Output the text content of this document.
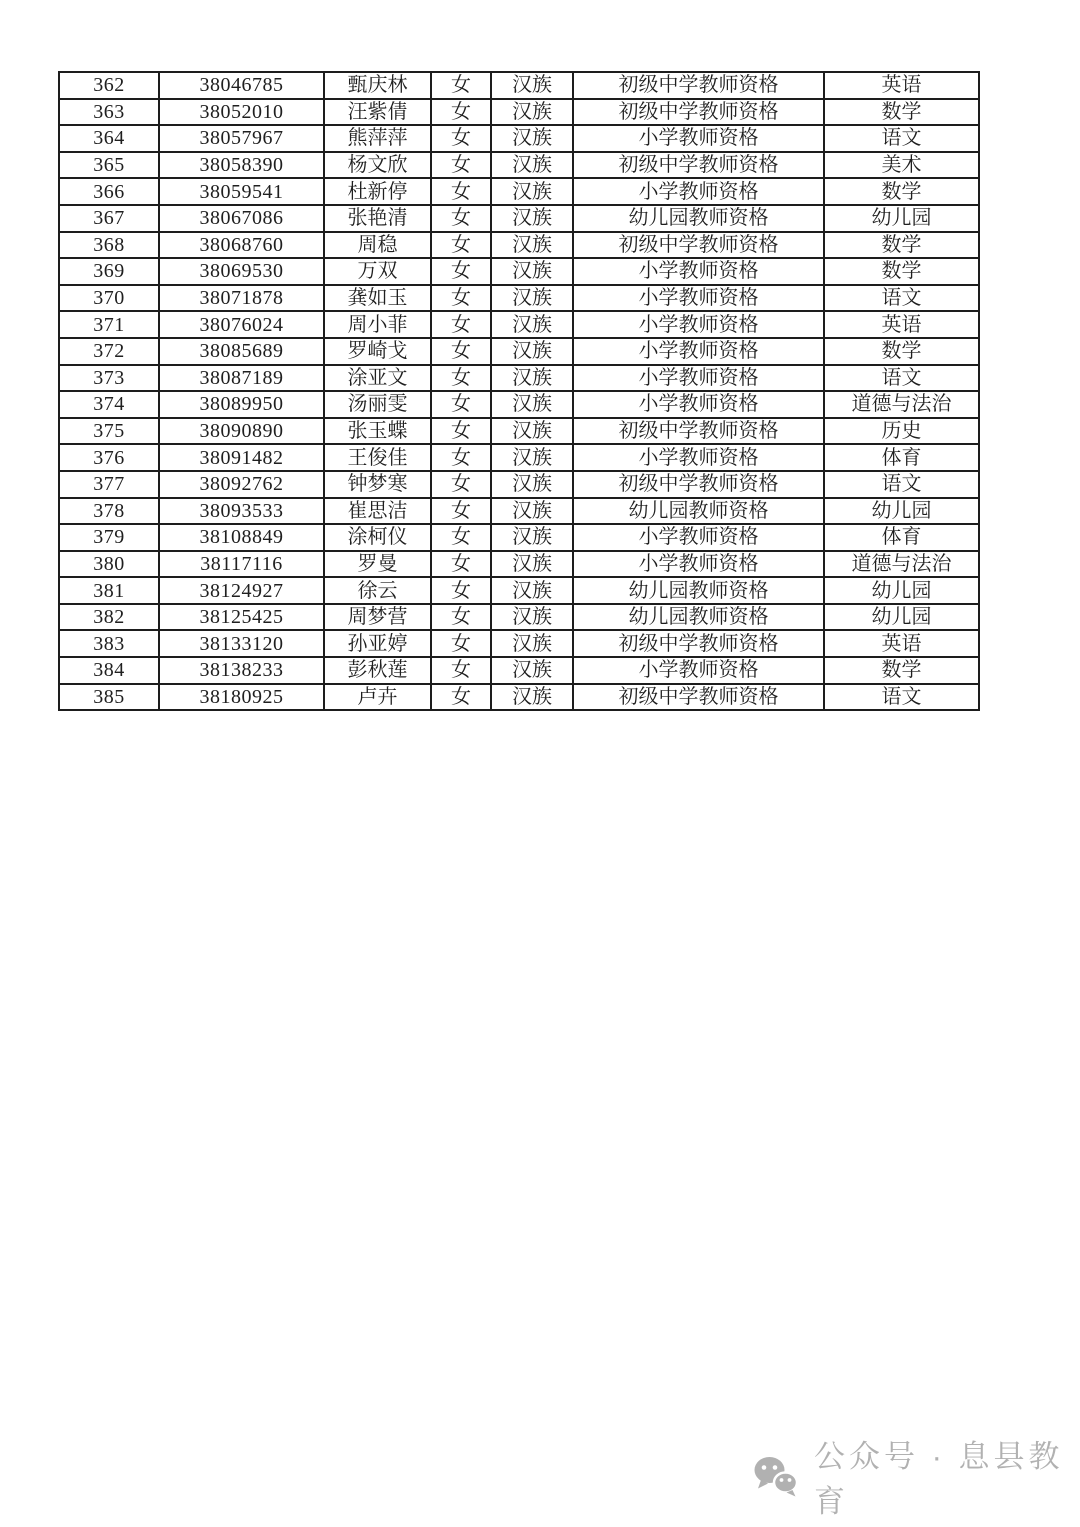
362	38046785	甄庆林	女	汉族	初级中学教师资格	英语
363	38052010	汪紫倩	女	汉族	初级中学教师资格	数学
364	38057967	熊萍萍	女	汉族	小学教师资格	语文
365	38058390	杨文欣	女	汉族	初级中学教师资格	美术
366	38059541	杜新停	女	汉族	小学教师资格	数学
367	38067086	张艳清	女	汉族	幼儿园教师资格	幼儿园
368	38068760	周稳	女	汉族	初级中学教师资格	数学
369	38069530	万双	女	汉族	小学教师资格	数学
370	38071878	龚如玉	女	汉族	小学教师资格	语文
371	38076024	周小菲	女	汉族	小学教师资格	英语
372	38085689	罗崎戈	女	汉族	小学教师资格	数学
373	38087189	涂亚文	女	汉族	小学教师资格	语文
374	38089950	汤丽雯	女	汉族	小学教师资格	道德与法治
375	38090890	张玉蝶	女	汉族	初级中学教师资格	历史
376	38091482	王俊佳	女	汉族	小学教师资格	体育
377	38092762	钟梦寒	女	汉族	初级中学教师资格	语文
378	38093533	崔思洁	女	汉族	幼儿园教师资格	幼儿园
379	38108849	涂柯仪	女	汉族	小学教师资格	体育
380	38117116	罗曼	女	汉族	小学教师资格	道德与法治
381	38124927	徐云	女	汉族	幼儿园教师资格	幼儿园
382	38125425	周梦营	女	汉族	幼儿园教师资格	幼儿园
383	38133120	孙亚婷	女	汉族	初级中学教师资格	英语
384	38138233	彭秋莲	女	汉族	小学教师资格	数学
385	38180925	卢卉	女	汉族	初级中学教师资格	语文
公众号 · 息县教育
